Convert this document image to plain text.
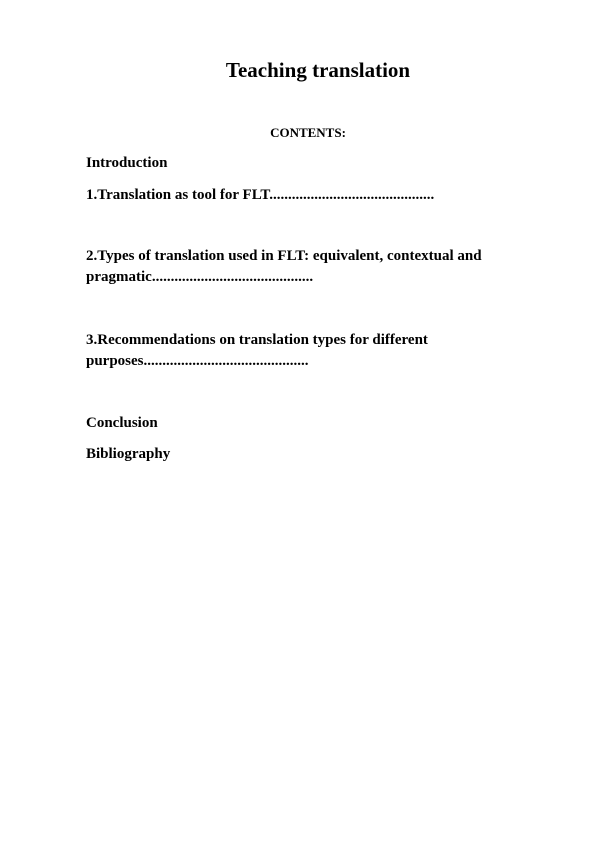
Teaching translation
CONTENTS:
Introduction
1.Translation as tool for FLT............................................
2.Types of translation used in FLT: equivalent, contextual and pragmatic...........................................
3.Recommendations on translation types for different purposes............................................
Conclusion
Bibliography
